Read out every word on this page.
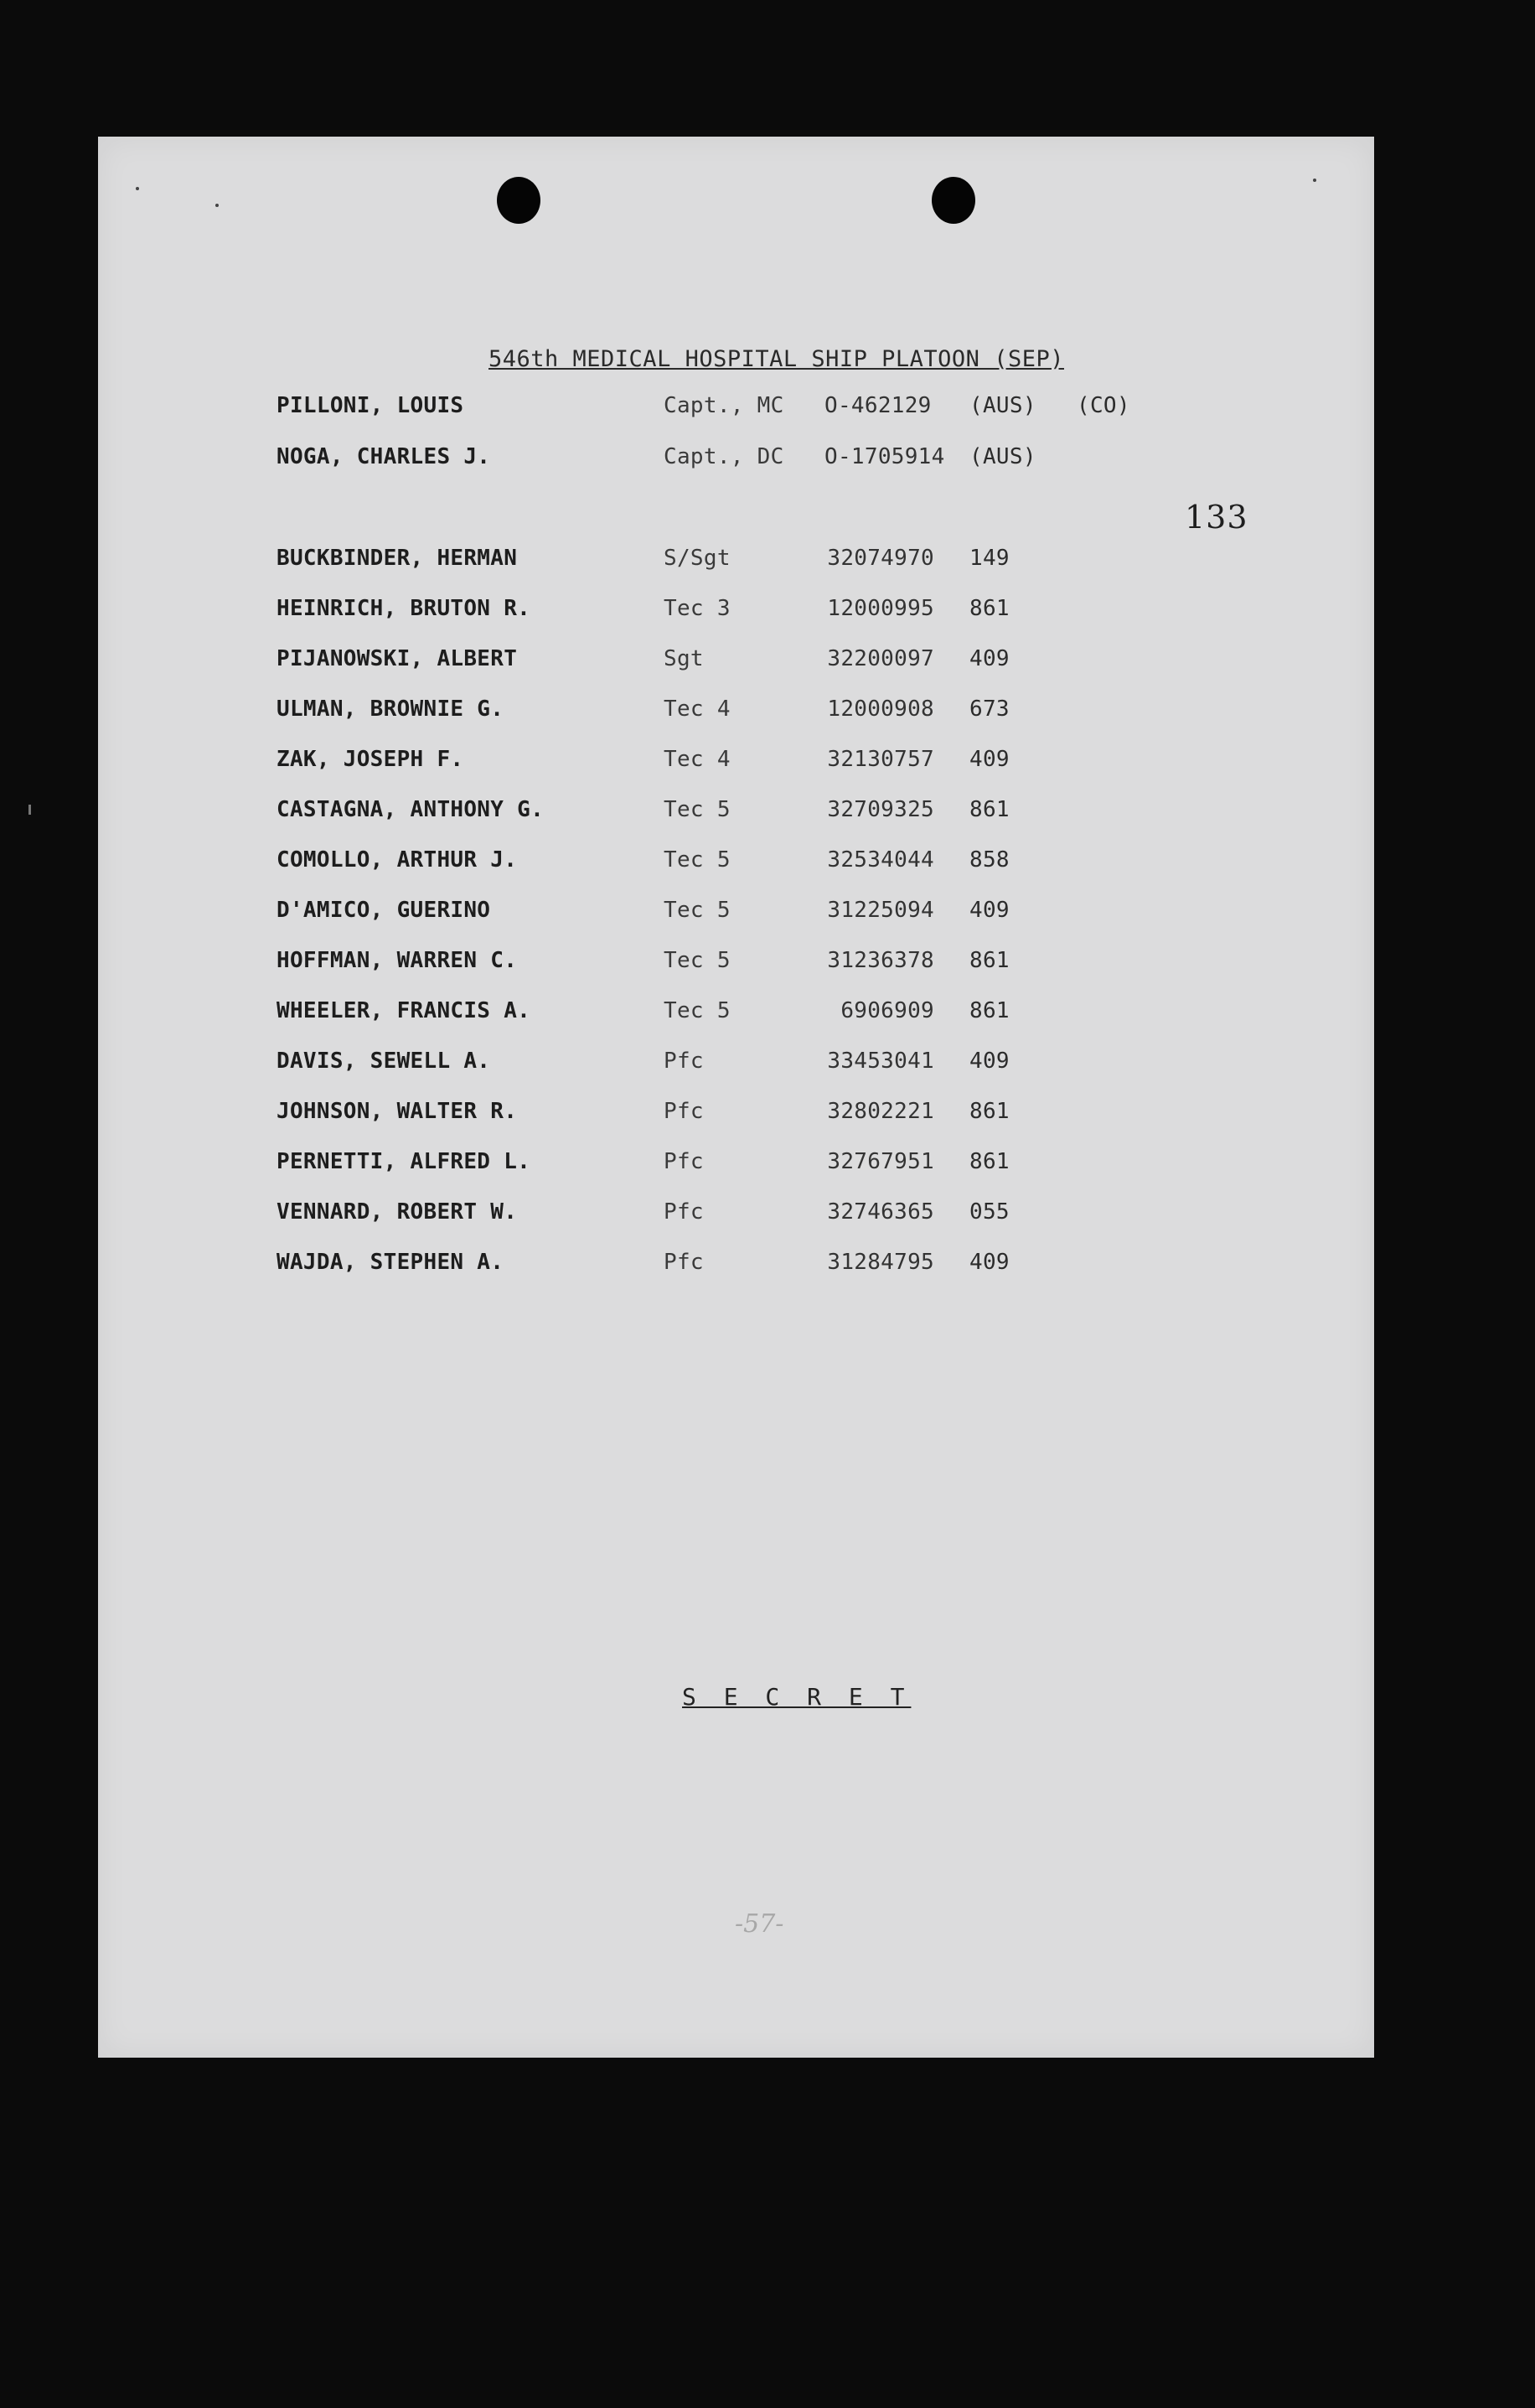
546th MEDICAL HOSPITAL SHIP PLATOON (SEP)
133
PILLONI, LOUIS	Capt., MC O-462129 (AUS) (CO)
NOGA, CHARLES J.	Capt., DC O-1705914 (AUS)
BUCKBINDER, HERMAN	S/Sgt	32074970 149
HEINRICH, BRUTON R.	Tec 3	12000995 861
PIJANOWSKI, ALBERT	Sgt	32200097 409
ULMAN, BROWNIE G.	Tec 4	12000908 673
ZAK, JOSEPH F.	Tec 4	32130757 409
CASTAGNA, ANTHONY G.	Tec 5	32709325 861
COMOLLO, ARTHUR J.	Tec 5	32534044 858
D'AMICO, GUERINO	Tec 5	31225094 409
HOFFMAN, WARREN C.	Tec 5	31236378 861
WHEELER, FRANCIS A.	Tec 5	6906909 861
DAVIS, SEWELL A.	Pfc	33453041 409
JOHNSON, WALTER R.	Pfc	32802221 861
PERNETTI, ALFRED L.	Pfc	32767951 861
VENNARD, ROBERT W.	Pfc	32746365 055
WAJDA, STEPHEN A.	Pfc	31284795 409
S E C R E T
-57-
